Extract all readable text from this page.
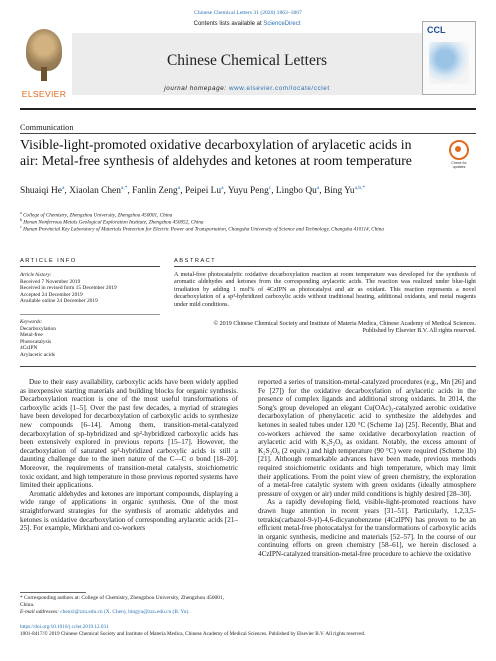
Chinese Chemical Letters 31 (2020) 1863–1867
ELSEVIER
Contents lists available at ScienceDirect
Chinese Chemical Letters
journal homepage: www.elsevier.com/locate/cclet
CCL
Communication
Visible-light-promoted oxidative decarboxylation of arylacetic acids in air: Metal-free synthesis of aldehydes and ketones at room temperature	Check for updates
Shuaiqi He$^a$, Xiaolan Chen$^{a,*}$, Fanlin Zeng$^a$, Peipei Lu$^a$, Yuyu Peng$^c$, Lingbo Qu$^a$, Bing $Yu^{a,b,*}$
$^a$ College of Chemistry, Zhengzhou University, Zhengzhou 450001, China
$^b$ Henan Nonferrous Metals Geological Exploration Institute, Zhengzhou 450052, China
$^c$ Hunan Provincial Key Laboratory of Materials Protection for Electric Power and Transportation, Changsha University of Science and Technology, Changsha 410114, China
ARTICLE INFO	ABSTRACT
Article history:
Received 7 November 2019
Received in revised form 15 December 2019
Accepted 24 December 2019
Available online 24 December 2019
Keywords:
Decarboxylation
Metal-free
Photocatalysis
4CzIPN
Arylacetic acids
A metal-free photocatalytic oxidative decarboxylation reaction at room temperature was developed for the synthesis of aromatic aldehydes and ketones from the corresponding arylacetic acids. The reaction was realized under blue-light irradiation by adding 1 mol% of 4CzIPN as photocatalyst and air as oxidant. This reaction represents a novel decarboxylation of a sp³-hybridized carboxylic acids without traditional heating, additional oxidants, and metal reagents under mild conditions.
© 2019 Chinese Chemical Society and Institute of Materia Medica, Chinese Academy of Medical Sciences.
Published by Elsevier B.V. All rights reserved.

Due to their easy availability, carboxylic acids have been widely applied as inexpensive starting materials and building blocks for organic synthesis. Decarboxylation reaction is one of the most useful transformations of carboxylic acids [1–5]. Over the past few decades, a myriad of strategies have been developed for decarboxylation of carboxylic acids to synthesize new compounds [6–14]. Among them, transition-metal-catalyzed decarboxylation of sp-hybridized and sp²-hybridized carboxylic acids has been extensively explored in previous reports [15–17]. However, the decarboxylation of saturated sp³-hybridized carboxylic acids is still a daunting challenge due to the inert nature of the C—C σ bond [18–20]. Moreover, the requirements of transition-metal catalysts, stoichiometric toxic oxidant, and high temperature in those previous reported systems have limited their applications.

Aromatic aldehydes and ketones are important compounds, displaying a wide range of applications in organic synthesis. One of the most straightforward strategies for the synthesis of aromatic aldehydes and ketones is oxidative decarboxylation of corresponding arylacetic acids [21–25]. For example, Mirkhani and co-workers

reported a series of transition-metal-catalyzed procedures (e.g., Mn [26] and Fe [27]) for the oxidative decarboxylation of arylacetic acids in the presence of complex ligands and additional strong oxidants. In 2014, the Song's group developed an elegant Cu(OAc)₂-catalyzed aerobic oxidative decarboxylation of phenylacetic acid to synthesize the aldehydes and ketones in sealed tubes under 120 °C (Scheme 1a) [25]. Recently, Bhat and co-workers achieved the same oxidative decarboxylation reaction of arylacetic acid with K₂S₂O₈ as oxidant. Notably, the excess amount of K₂S₂O₈ (2 equiv.) and high temperature (90 °C) were required (Scheme 1b) [21]. Although remarkable advances have been made, previous methods required stoichiometric oxidants and high temperature, which may limit their applications. From the point view of green chemistry, the exploration of a metal-free catalytic system with green oxidants (ideally atmosphere pressure of oxygen or air) under mild conditions is highly desired [28–30].

As a rapidly developing field, visible-light-promoted reactions have drawn huge attention in recent years [31–51]. Particularly, 1,2,3,5-tetrakis(carbazol-9-yl)-4,6-dicyanobenzene (4CzIPN) has proven to be an efficient metal-free photocatalyst for the transformations of carboxylic acids in organic synthesis, medicine and materials [52–57]. In the course of our continuing efforts on green chemistry [58–61], we herein disclosed a 4CzIPN-catalyzed transition-metal-free procedure to achieve the oxidative

* Corresponding authors at: College of Chemistry, Zhengzhou University, Zhengzhou 450001, China.
E-mail addresses: chenxl@zzu.edu.cn (X. Chen), bingyu@zzu.edu.cn (B. Yu).
https://doi.org/10.1016/j.cclet.2019.12.031
1001-8417/© 2019 Chinese Chemical Society and Institute of Materia Medica, Chinese Academy of Medical Sciences. Published by Elsevier B.V. All rights reserved.
